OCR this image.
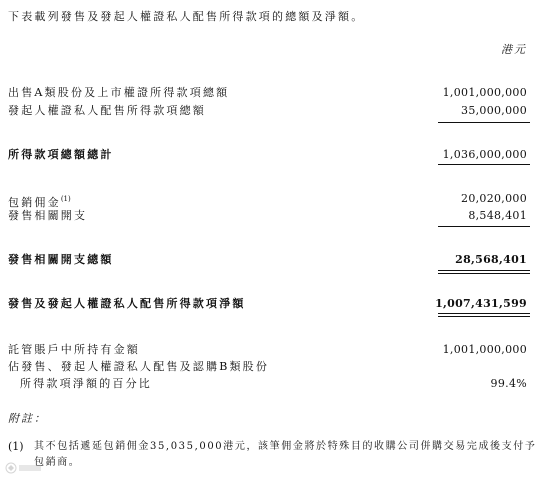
下表載列發售及發起人權證私人配售所得款項的總額及淨額。
港元
出售A類股份及上市權證所得款項總額	1,001,000,000
發起人權證私人配售所得款項總額	35,000,000
所得款項總額總計	1,036,000,000
包銷佣金$^{(1)}$	20,020,000
發售相關開支	8,548,401
發售相關開支總額	28,568,401
發售及發起人權證私人配售所得款項淨額	1,007,431,599
託管賬戶中所持有金額	1,001,000,000
佔發售、發起人權證私人配售及認購B類股份
所得款項淨額的百分比	99.4%
附註：
(1) 其不包括遞延包銷佣金35,035,000港元，該筆佣金將於特殊目的收購公司併購交易完成後支付予
包銷商。
